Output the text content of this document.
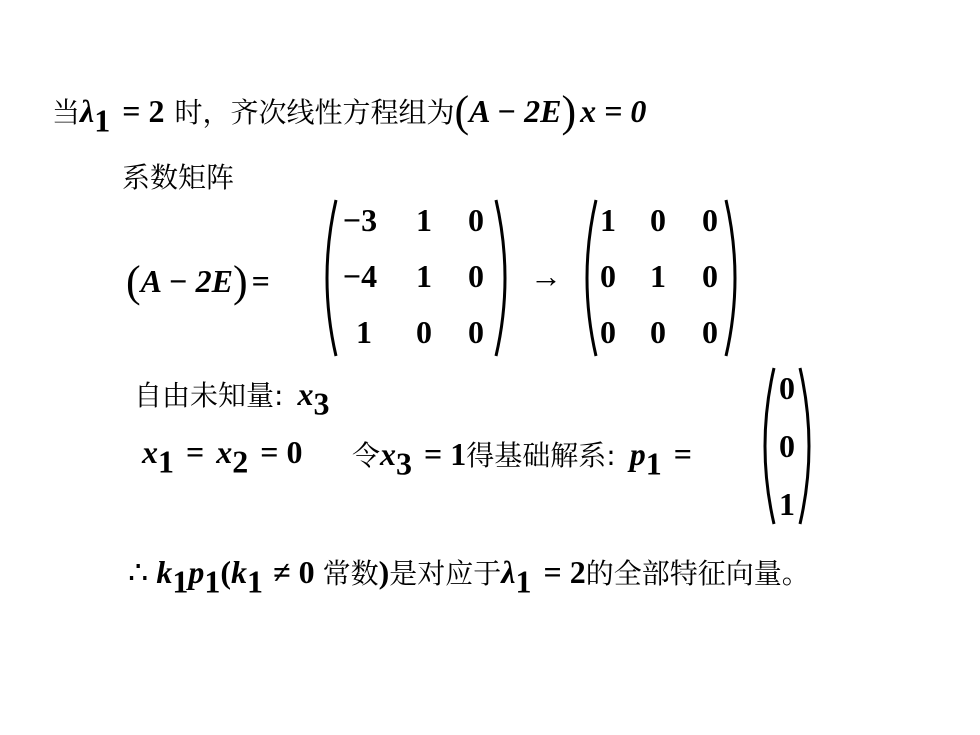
当$\lambda_1 = 2$ 时，齐次线性方程组为(A − 2E) x = 0
系数矩阵
(A − 2E) =
−3	1	0
−4	1	0
1	0	0
→
1	0	0
0	1	0
0	0	0
自由未知量: $x_3$
$x_1 = x_2 = 0$ 令$x_3 = 1$得基础解系: $p_1$ =
0
0
1
∴ $k_1p_1(k_1 \ne 0$ 常数)是对应于$\lambda_1 = 2$的全部特征向量。
